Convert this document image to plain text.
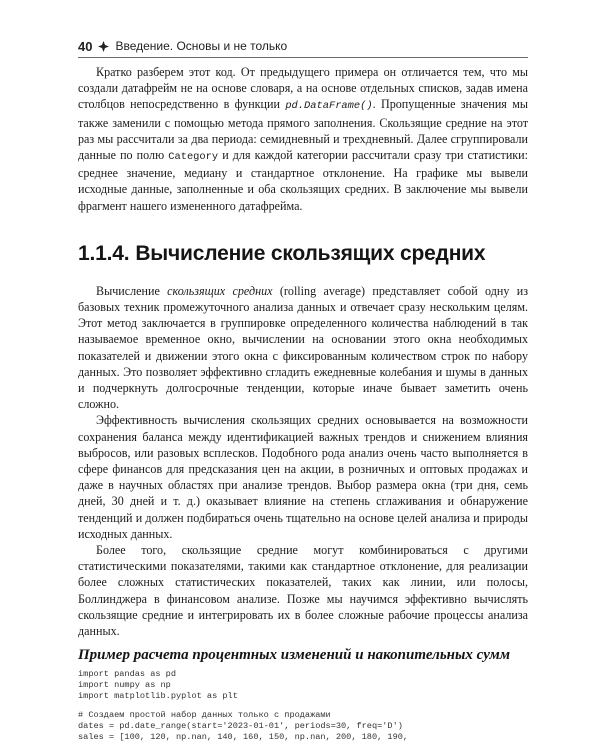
40 Введение. Основы и не только

Кратко разберем этот код. От предыдущего примера он отличается тем, что мы создали датафрейм не на основе словаря, а на основе отдельных списков, задав имена столбцов непосредственно в функции pd.DataFrame(). Пропущенные значения мы также заменили с помощью метода прямого заполнения. Скользящие средние на этот раз мы рассчитали за два периода: семидневный и трехдневный. Далее сгруппировали данные по полю Category и для каждой категории рассчитали сразу три статистики: среднее значение, медиану и стандартное отклонение. На графике мы вывели исходные данные, заполненные и оба скользящих средних. В заключение мы вывели фрагмент нашего измененного датафрейма.

1.1.4. Вычисление скользящих средних

Вычисление скользящих средних (rolling average) представляет собой одну из базовых техник промежуточного анализа данных и отвечает сразу нескольким целям. Этот метод заключается в группировке определенного количества наблюдений в так называемое временное окно, вычислении на основании этого окна необходимых показателей и движении этого окна с фиксированным количеством строк по набору данных. Это позволяет эффективно сгладить ежедневные колебания и шумы в данных и подчеркнуть долгосрочные тенденции, которые иначе бывает заметить очень сложно.

Эффективность вычисления скользящих средних основывается на возможности сохранения баланса между идентификацией важных трендов и снижением влияния выбросов, или разовых всплесков. Подобного рода анализ очень часто выполняется в сфере финансов для предсказания цен на акции, в розничных и оптовых продажах и даже в научных областях при анализе трендов. Выбор размера окна (три дня, семь дней, 30 дней и т. д.) оказывает влияние на степень сглаживания и обнаружение тенденций и должен подбираться очень тщательно на основе целей анализа и природы исходных данных.

Более того, скользящие средние могут комбинироваться с другими статистическими показателями, такими как стандартное отклонение, для реализации более сложных статистических показателей, таких как линии, или полосы, Боллинджера в финансовом анализе. Позже мы научимся эффективно вычислять скользящие средние и интегрировать их в более сложные рабочие процессы анализа данных.

Пример расчета процентных изменений и накопительных сумм
import pandas as pd
import numpy as np
import matplotlib.pyplot as plt
# Создаем простой набор данных только с продажами
dates = pd.date_range(start='2023-01-01', periods=30, freq='D')
sales = [100, 120, np.nan, 140, 160, 150, np.nan, 200, 180, 190,
